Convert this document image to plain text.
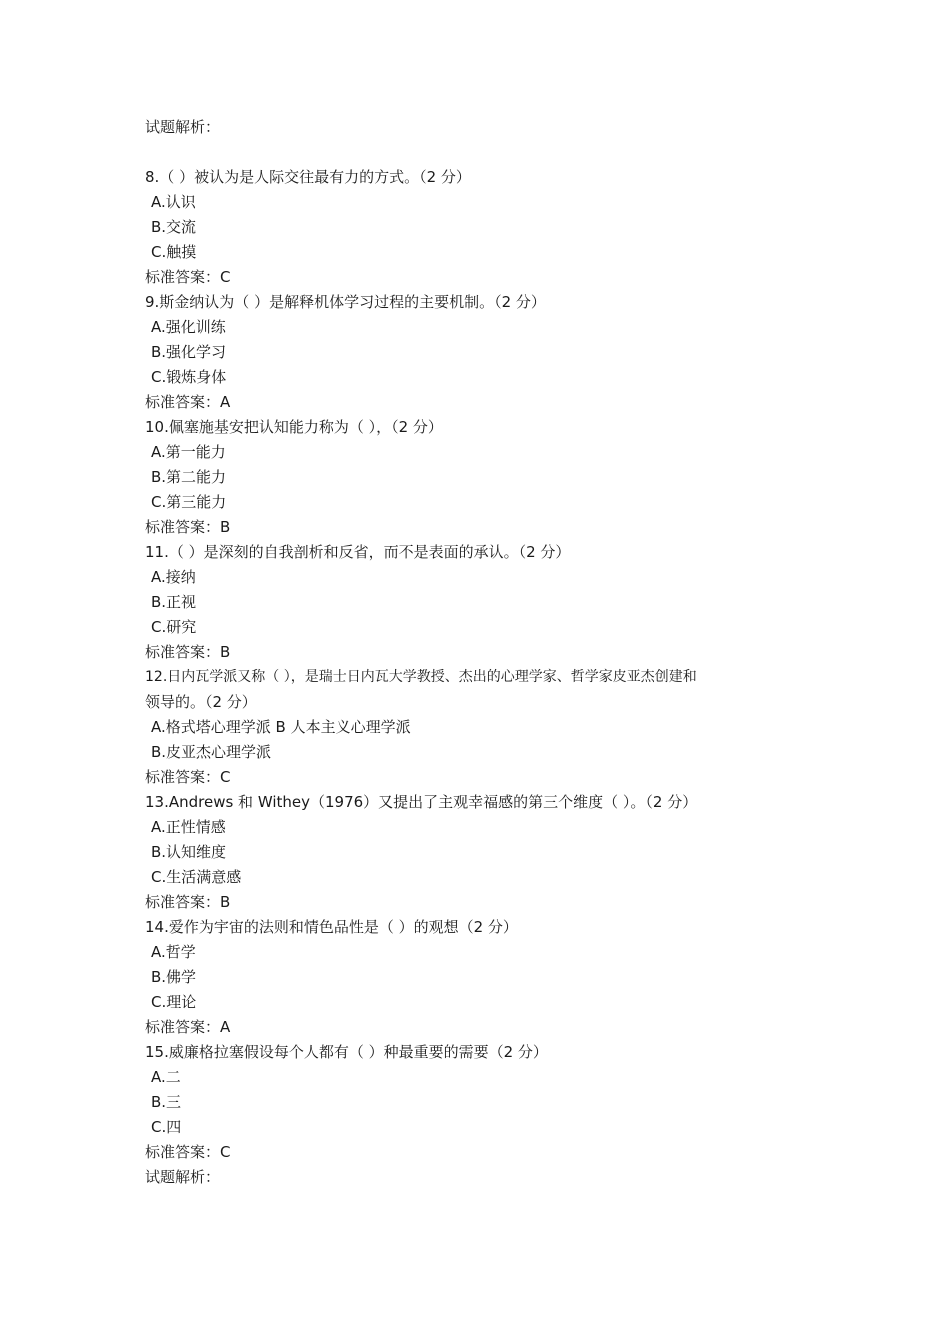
试题解析：
8.（ ）被认为是人际交往最有力的方式。（2 分）
A.认识
B.交流
C.触摸
标准答案：C
9.斯金纳认为（ ）是解释机体学习过程的主要机制。（2 分）
A.强化训练
B.强化学习
C.锻炼身体
标准答案：A
10.佩塞施基安把认知能力称为（ ），（2 分）
A.第一能力
B.第二能力
C.第三能力
标准答案：B
11.（ ）是深刻的自我剖析和反省，而不是表面的承认。（2 分）
A.接纳
B.正视
C.研究
标准答案：B
12.日内瓦学派又称（ ），是瑞士日内瓦大学教授、杰出的心理学家、哲学家皮亚杰创建和
领导的。（2 分）
A.格式塔心理学派 B 人本主义心理学派
B.皮亚杰心理学派
标准答案：C
13.Andrews 和 Withey（1976）又提出了主观幸福感的第三个维度（ ）。（2 分）
A.正性情感
B.认知维度
C.生活满意感
标准答案：B
14.爱作为宇宙的法则和情色品性是（ ）的观想（2 分）
A.哲学
B.佛学
C.理论
标准答案：A
15.威廉格拉塞假设每个人都有（ ）种最重要的需要（2 分）
A.二
B.三
C.四
标准答案：C
试题解析：
